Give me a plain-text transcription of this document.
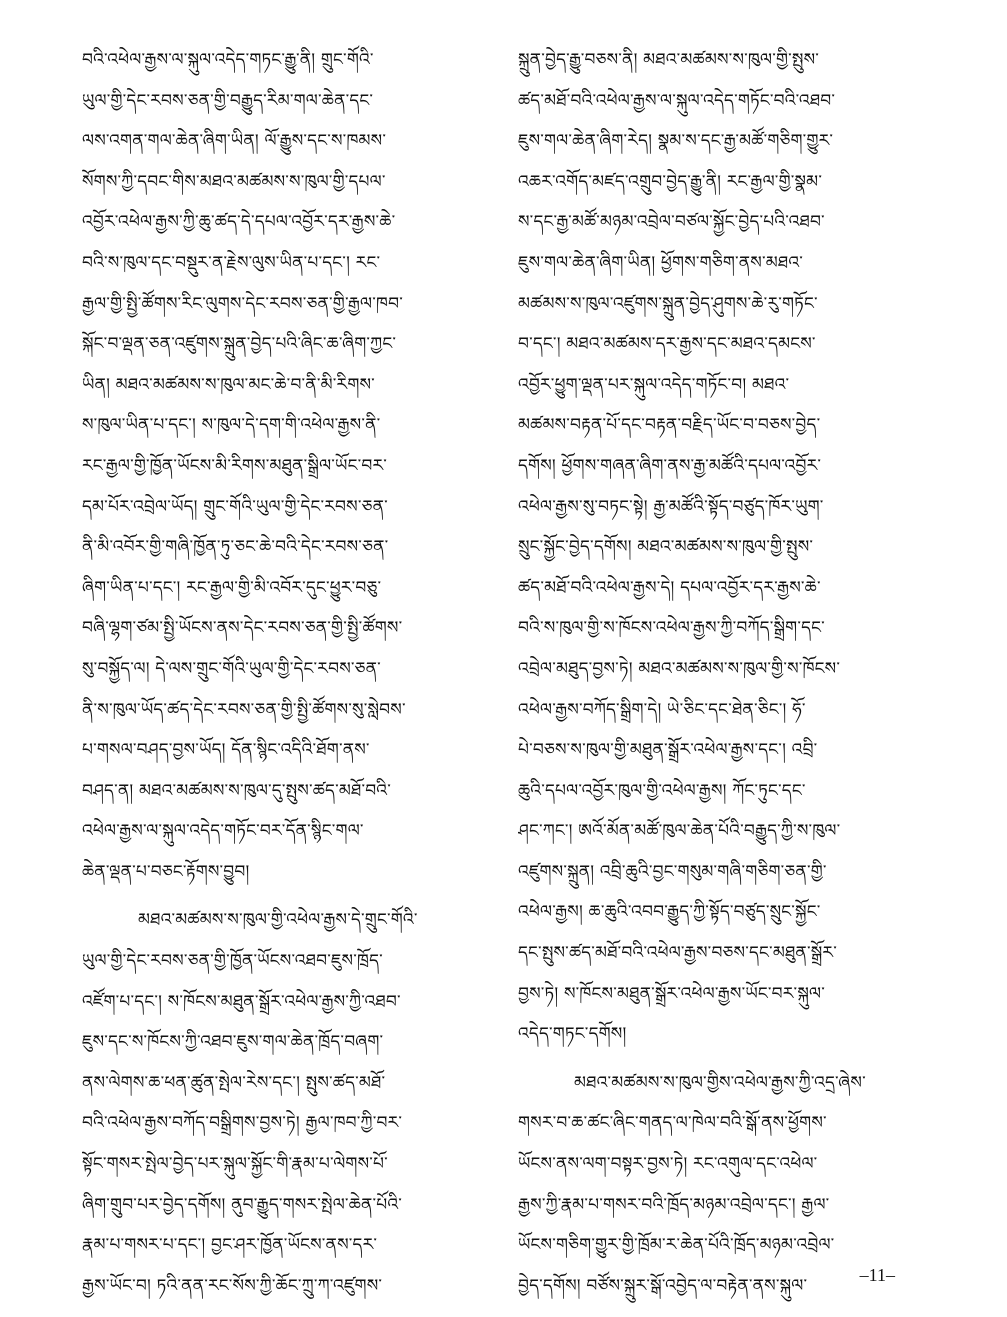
བའི་འཕེལ་རྒྱས་ལ་སྐུལ་འདེད་གཏང་རྒྱུ་ནི། གྲུང་གོའི་
ཡུལ་གྱི་དེང་རབས་ཅན་གྱི་བརྒྱུད་རིམ་གལ་ཆེན་དང་
ལས་འགན་གལ་ཆེན་ཞིག་ཡིན། ལོ་རྒྱུས་དང་ས་ཁམས་
སོགས་ཀྱི་དབང་གིས་མཐའ་མཚམས་ས་ཁུལ་གྱི་དཔལ་
འབྱོར་འཕེལ་རྒྱས་ཀྱི་ཆུ་ཚད་དེ་དཔལ་འབྱོར་དར་རྒྱས་ཆེ་
བའི་ས་ཁུལ་དང་བསྡུར་ན་རྗེས་ལུས་ཡིན་པ་དང་། རང་
རྒྱལ་གྱི་སྤྱི་ཚོགས་རིང་ལུགས་དེང་རབས་ཅན་གྱི་རྒྱལ་ཁབ་
སྐོང་བ་ལྡན་ཅན་འཛུགས་སྐྲུན་བྱེད་པའི་ཞིང་ཆ་ཞིག་ཀྱང་
ཡིན། མཐའ་མཚམས་ས་ཁུལ་མང་ཆེ་བ་ནི་མི་རིགས་
ས་ཁུལ་ཡིན་པ་དང་། ས་ཁུལ་དེ་དག་གི་འཕེལ་རྒྱས་ནི་
རང་རྒྱལ་གྱི་ཁྱོན་ཡོངས་མི་རིགས་མཐུན་སྒྲིལ་ཡོང་བར་
དམ་པོར་འབྲེལ་ཡོད། གྲུང་གོའི་ཡུལ་གྱི་དེང་རབས་ཅན་
ནི་མི་འབོར་གྱི་གཞི་ཁྱོན་ཏུ་ཅང་ཆེ་བའི་དེང་རབས་ཅན་
ཞིག་ཡིན་པ་དང་། རང་རྒྱལ་གྱི་མི་འབོར་དུང་ཕྱུར་བཅུ་
བཞི་ལྷག་ཙམ་སྤྱི་ཡོངས་ནས་དེང་རབས་ཅན་གྱི་སྤྱི་ཚོགས་
སུ་བསྐྱོད་ལ། དེ་ལས་གྲུང་གོའི་ཡུལ་གྱི་དེང་རབས་ཅན་
ནི་ས་ཁུལ་ཡོད་ཚད་དེང་རབས་ཅན་གྱི་སྤྱི་ཚོགས་སུ་སླེབས་
པ་གསལ་བཤད་བྱས་ཡོད། དོན་སྙིང་འདིའི་ཐོག་ནས་
བཤད་ན། མཐའ་མཚམས་ས་ཁུལ་དུ་སྤུས་ཚད་མཐོ་བའི་
འཕེལ་རྒྱས་ལ་སྐུལ་འདེད་གཏོང་བར་དོན་སྙིང་གལ་
ཆེན་ལྡན་པ་བཅང་རྟོགས་བྱུབ།
མཐའ་མཚམས་ས་ཁུལ་གྱི་འཕེལ་རྒྱས་དེ་གྲུང་གོའི་
ཡུལ་གྱི་དེང་རབས་ཅན་གྱི་ཁྱོན་ཡོངས་འཐབ་ཇུས་ཁྲོད་
འཛོག་པ་དང་། ས་ཁོངས་མཐུན་སྒྲོར་འཕེལ་རྒྱས་ཀྱི་འཐབ་
ཇུས་དང་ས་ཁོངས་ཀྱི་འཐབ་ཇུས་གལ་ཆེན་ཁྲོད་བཞག་
ནས་ལེགས་ཆ་ཕན་ཚུན་སྤེལ་རེས་དང་། སྤུས་ཚད་མཐོ་
བའི་འཕེལ་རྒྱས་བཀོད་བསྒྲིགས་བྱས་ཏེ། རྒྱལ་ཁབ་ཀྱི་བར་
སྟོང་གསར་སྤེལ་བྱེད་པར་སྐུལ་སྐྱོང་གི་རྣམ་པ་ལེགས་པོ་
ཞིག་གྲུབ་པར་བྱེད་དགོས། ནུབ་རྒྱུད་གསར་སྤེལ་ཆེན་པོའི་
རྣམ་པ་གསར་པ་དང་། བྱང་ཤར་ཁྱོན་ཡོངས་ནས་དར་
རྒྱས་ཡོང་བ། ཏའི་ནན་རང་སོས་ཀྱི་ཆོང་ཀྲུ་ཀ་འཛུགས་
སྐྲུན་བྱེད་རྒྱུ་བཅས་ནི། མཐའ་མཚམས་ས་ཁུལ་གྱི་སྤུས་
ཚད་མཐོ་བའི་འཕེལ་རྒྱས་ལ་སྐུལ་འདེད་གཏོང་བའི་འཐབ་
ཇུས་གལ་ཆེན་ཞིག་རེད། སྣམ་ས་དང་རྒྱ་མཚོ་གཅིག་གྱུར་
འཆར་འགོད་མཛད་འགྲུབ་བྱེད་རྒྱུ་ནི། རང་རྒྱལ་གྱི་སྣམ་
ས་དང་རྒྱ་མཚོ་མཉམ་འབྲེལ་བཙལ་སྐྱོང་བྱེད་པའི་འཐབ་
ཇུས་གལ་ཆེན་ཞིག་ཡིན། ཕྱོགས་གཅིག་ནས་མཐའ་
མཚམས་ས་ཁུལ་འཛུགས་སྐྲུན་བྱེད་ཤུགས་ཆེ་རུ་གཏོང་
བ་དང་། མཐའ་མཚམས་དར་རྒྱས་དང་མཐའ་དམངས་
འབྱོར་ཕྱུག་ལྡན་པར་སྐུལ་འདེད་གཏོང་བ། མཐའ་
མཚམས་བརྟན་པོ་དང་བརྟན་བརྗིད་ཡོང་བ་བཅས་བྱེད་
དགོས། ཕྱོགས་གཞན་ཞིག་ནས་རྒྱ་མཚོའི་དཔལ་འབྱོར་
འཕེལ་རྒྱས་སུ་བཏང་སྟེ། རྒྱ་མཚོའི་སྟོད་བཙུད་ཁོར་ཡུག་
སྲུང་སྐྱོང་བྱེད་དགོས། མཐའ་མཚམས་ས་ཁུལ་གྱི་སྤུས་
ཚད་མཐོ་བའི་འཕེལ་རྒྱས་དེ། དཔལ་འབྱོར་དར་རྒྱས་ཆེ་
བའི་ས་ཁུལ་གྱི་ས་ཁོངས་འཕེལ་རྒྱས་ཀྱི་བཀོད་སྒྲིག་དང་
འབྲེལ་མཐུད་བྱས་ཏེ། མཐའ་མཚམས་ས་ཁུལ་གྱི་ས་ཁོངས་
འཕེལ་རྒྱས་བཀོད་སྒྲིག་དེ། ཡེ་ཅིང་དང་ཐེན་ཅིང་། ཧོ་
པེ་བཅས་ས་ཁུལ་གྱི་མཐུན་སྒྲོར་འཕེལ་རྒྱས་དང་། འབྲི་
ཆུའི་དཔལ་འབྱོར་ཁུལ་གྱི་འཕེལ་རྒྱས། ཀོང་ཏུང་དང་
ཤང་ཀང་། ཨའོ་མོན་མཚོ་ཁུལ་ཆེན་པོའི་བརྒྱུད་ཀྱི་ས་ཁུལ་
འཛུགས་སྐྲུན། འབྲི་ཆུའི་བྱང་གསུམ་གཞི་གཅིག་ཅན་གྱི་
འཕེལ་རྒྱས། ཆ་ཆུའི་འབབ་རྒྱུད་ཀྱི་སྟོད་བཙུད་སྲུང་སྐྱོང་
དང་སྤུས་ཚད་མཐོ་བའི་འཕེལ་རྒྱས་བཅས་དང་མཐུན་སྒྲོར་
བྱས་ཏེ། ས་ཁོངས་མཐུན་སྒྲོར་འཕེལ་རྒྱས་ཡོང་བར་སྐུལ་
འདེད་གཏང་དགོས།
མཐའ་མཚམས་ས་ཁུལ་གྱིས་འཕེལ་རྒྱས་ཀྱི་འདྲ་ཞེས་
གསར་བ་ཆ་ཚང་ཞིང་གནད་ལ་ཁེལ་བའི་སྒོ་ནས་ཕྱོགས་
ཡོངས་ནས་ལག་བསྟར་བྱས་ཏེ། རང་འགུལ་དང་འཕེལ་
རྒྱས་ཀྱི་རྣམ་པ་གསར་བའི་ཁྲོད་མཉམ་འབྲེལ་དང་། རྒྱལ་
ཡོངས་གཅིག་གྱུར་གྱི་ཁྲོམ་ར་ཆེན་པོའི་ཁྲོད་མཉམ་འབྲེལ་
བྱེད་དགོས། བཙོས་སྐྲུར་སྒོ་འབྱེད་ལ་བརྟེན་ནས་སྐུལ་
–11–
